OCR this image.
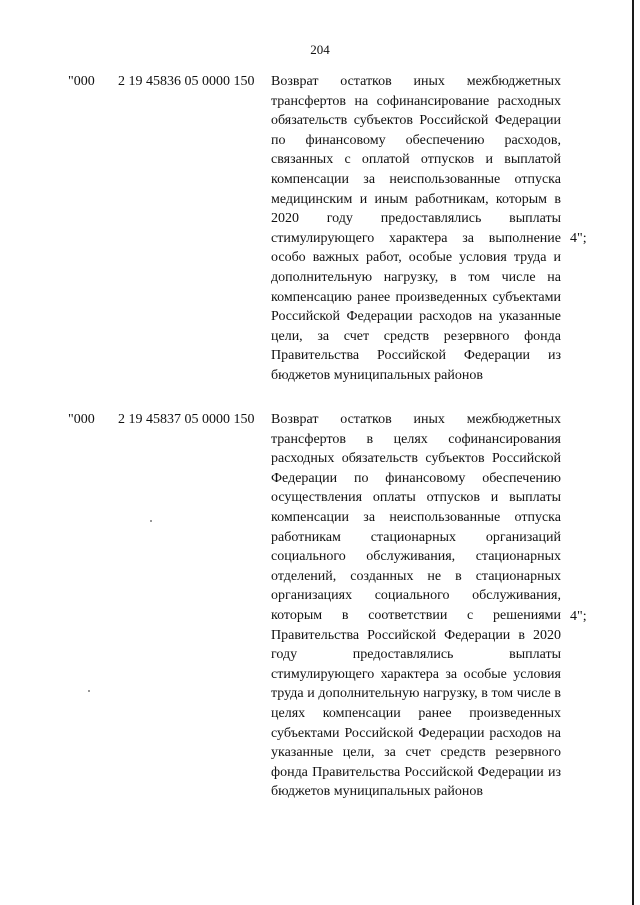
204
"000 2 19 45836 05 0000 150 Возврат остатков иных межбюджетных трансфертов на софинансирование расходных обязательств субъектов Российской Федерации по финансовому обеспечению расходов, связанных с оплатой отпусков и выплатой компенсации за неиспользованные отпуска медицинским и иным работникам, которым в 2020 году предоставлялись выплаты стимулирующего характера за выполнение особо важных работ, особые условия труда и дополнительную нагрузку, в том числе на компенсацию ранее произведенных субъектами Российской Федерации расходов на указанные цели, за счет средств резервного фонда Правительства Российской Федерации из бюджетов муниципальных районов
4";
"000 2 19 45837 05 0000 150 Возврат остатков иных межбюджетных трансфертов в целях софинансирования расходных обязательств субъектов Российской Федерации по финансовому обеспечению осуществления оплаты отпусков и выплаты компенсации за неиспользованные отпуска работникам стационарных организаций социального обслуживания, стационарных отделений, созданных не в стационарных организациях социального обслуживания, которым в соответствии с решениями Правительства Российской Федерации в 2020 году предоставлялись выплаты стимулирующего характера за особые условия труда и дополнительную нагрузку, в том числе в целях компенсации ранее произведенных субъектами Российской Федерации расходов на указанные цели, за счет средств резервного фонда Правительства Российской Федерации из бюджетов муниципальных районов
4";
